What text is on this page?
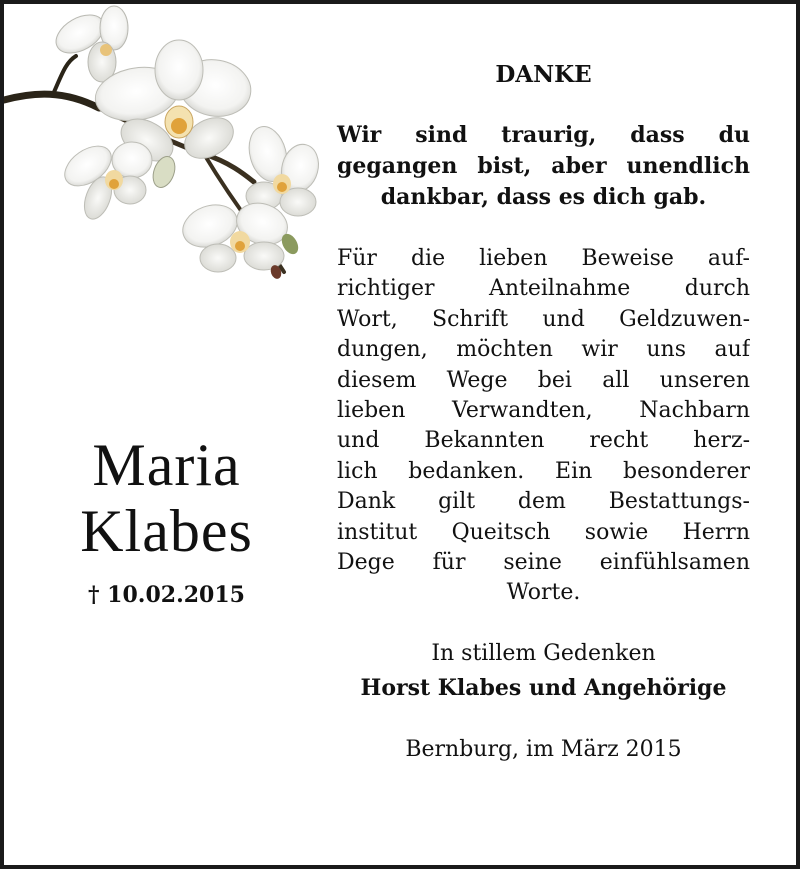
Maria
Klabes
† 10.02.2015
DANKE
Wir sind traurig, dass du
gegangen bist, aber unendlich
dankbar, dass es dich gab.
Für die lieben Beweise auf-
richtiger Anteilnahme durch
Wort, Schrift und Geldzuwen-
dungen, möchten wir uns auf
diesem Wege bei all unseren
lieben Verwandten, Nachbarn
und Bekannten recht herz-
lich bedanken. Ein besonderer
Dank gilt dem Bestattungs-
institut Queitsch sowie Herrn
Dege für seine einfühlsamen
Worte.
In stillem Gedenken
Horst Klabes und Angehörige
Bernburg, im März 2015
